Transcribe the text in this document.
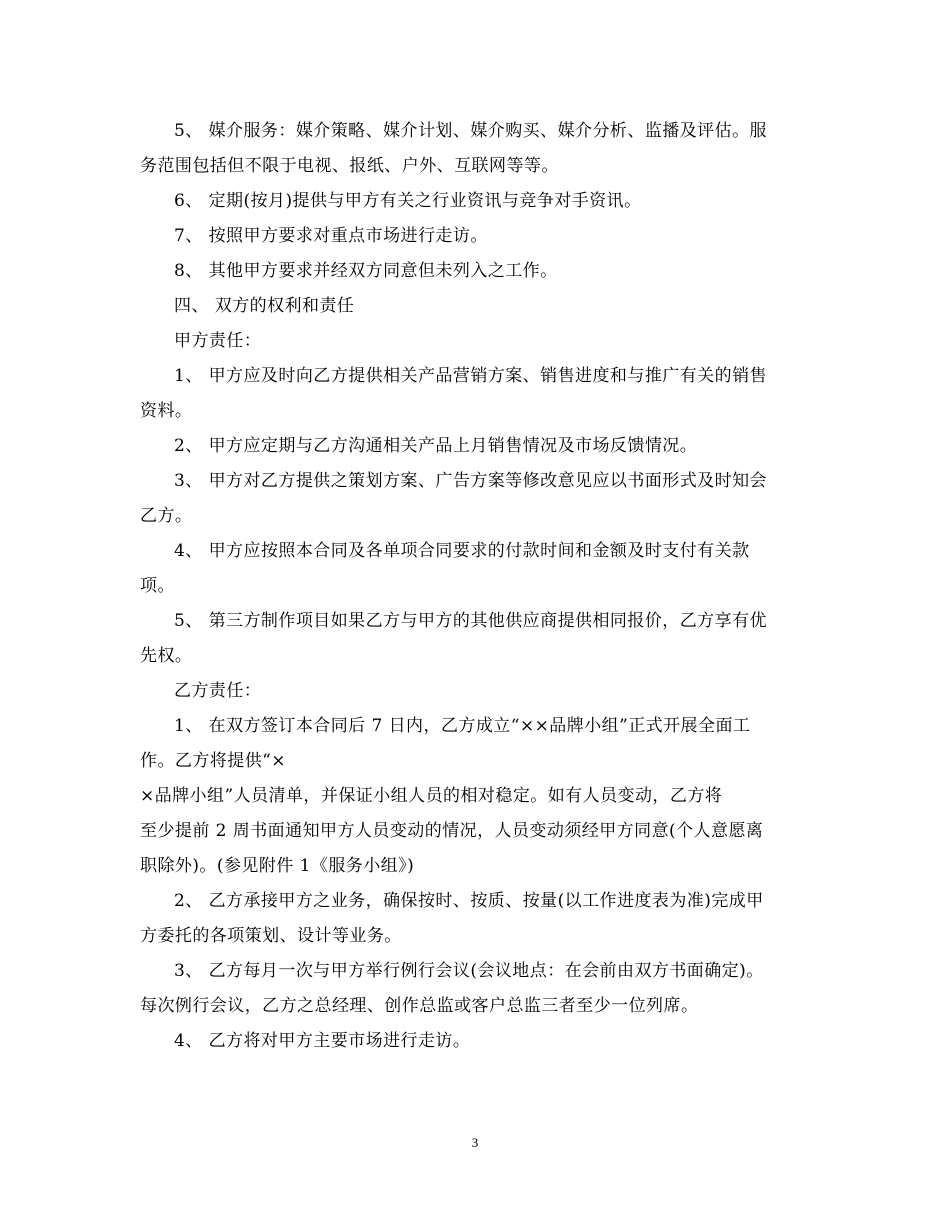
5、 媒介服务：媒介策略、媒介计划、媒介购买、媒介分析、监播及评估。服
务范围包括但不限于电视、报纸、户外、互联网等等。

6、 定期(按月)提供与甲方有关之行业资讯与竞争对手资讯。

7、 按照甲方要求对重点市场进行走访。

8、 其他甲方要求并经双方同意但未列入之工作。

四、 双方的权利和责任

甲方责任：

1、 甲方应及时向乙方提供相关产品营销方案、销售进度和与推广有关的销售
资料。

2、 甲方应定期与乙方沟通相关产品上月销售情况及市场反馈情况。

3、 甲方对乙方提供之策划方案、广告方案等修改意见应以书面形式及时知会
乙方。

4、 甲方应按照本合同及各单项合同要求的付款时间和金额及时支付有关款
项。

5、 第三方制作项目如果乙方与甲方的其他供应商提供相同报价，乙方享有优
先权。

乙方责任：

1、 在双方签订本合同后 7 日内，乙方成立“××品牌小组”正式开展全面工
作。乙方将提供“×

×品牌小组”人员清单，并保证小组人员的相对稳定。如有人员变动，乙方将
至少提前 2 周书面通知甲方人员变动的情况，人员变动须经甲方同意(个人意愿离
职除外)。(参见附件 1《服务小组》)

2、 乙方承接甲方之业务，确保按时、按质、按量(以工作进度表为准)完成甲
方委托的各项策划、设计等业务。

3、 乙方每月一次与甲方举行例行会议(会议地点：在会前由双方书面确定)。
每次例行会议，乙方之总经理、创作总监或客户总监三者至少一位列席。

4、 乙方将对甲方主要市场进行走访。

3
